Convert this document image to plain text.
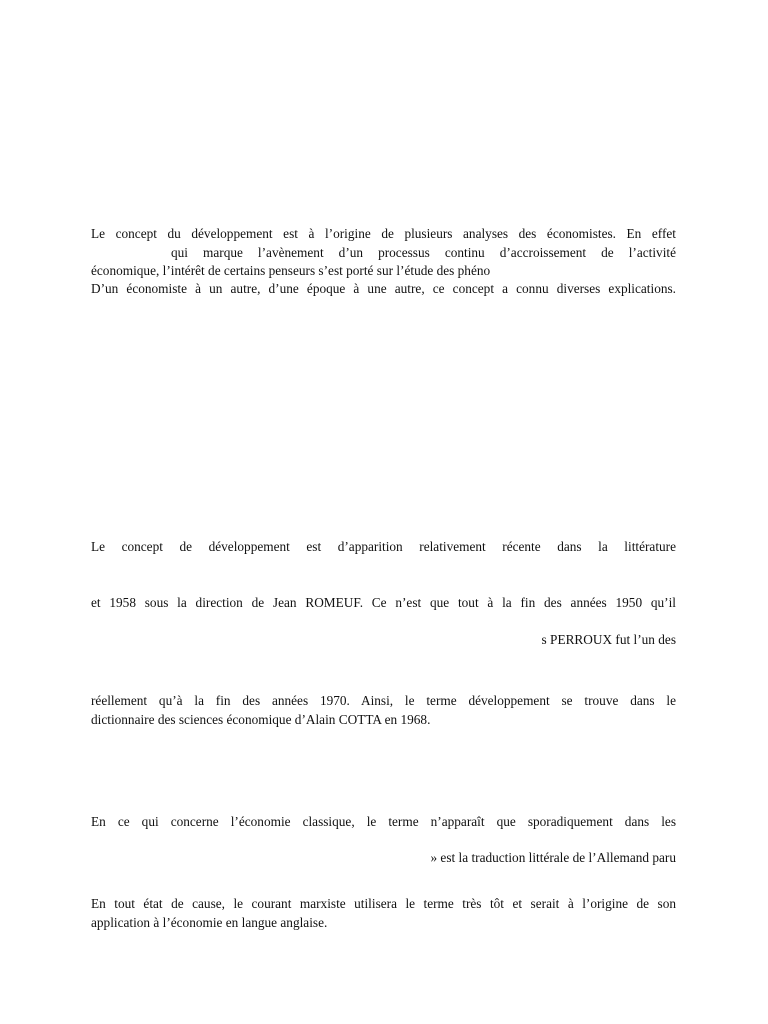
Le concept du développement est à l’origine de plusieurs analyses des économistes. En effet

qui marque l’avènement d’un processus continu d’accroissement de l’activité

économique, l’intérêt de certains penseurs s’est porté sur l’étude des phéno

D’un économiste à un autre, d’une époque à une autre, ce concept a connu diverses explications.

Le concept de développement est d’apparition relativement récente dans la littérature

et 1958 sous la direction de Jean ROMEUF. Ce n’est que tout à la fin des années 1950 qu’il

s PERROUX fut l’un des

réellement qu’à la fin des années 1970. Ainsi, le terme développement se trouve dans le

dictionnaire des sciences économique d’Alain COTTA en 1968.

En ce qui concerne l’économie classique, le terme n’apparaît que sporadiquement dans les

» est la traduction littérale de l’Allemand paru

En tout état de cause, le courant marxiste utilisera le terme très tôt et serait à l’origine de son

application à l’économie en langue anglaise.
